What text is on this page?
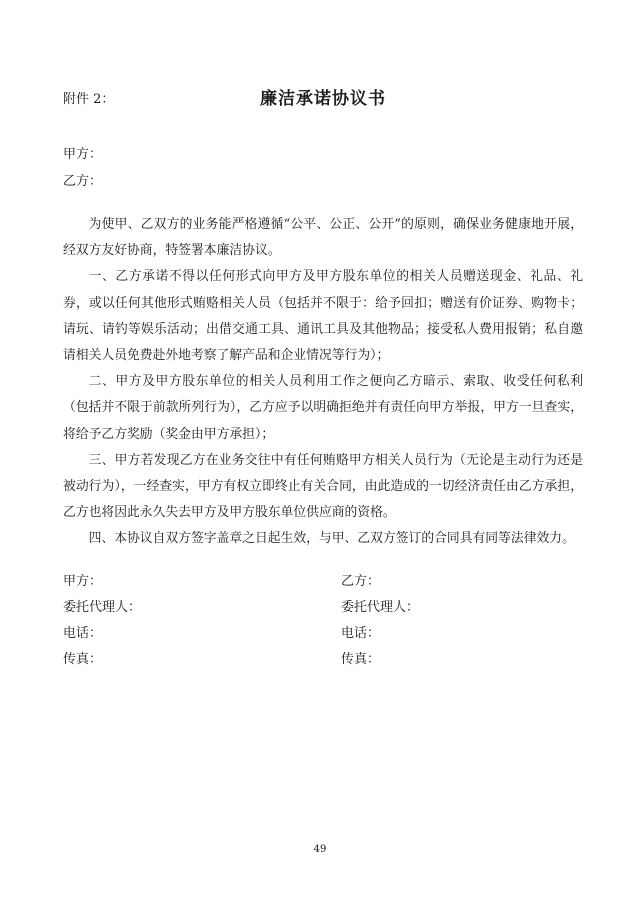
附件 2：	廉洁承诺协议书
甲方：
乙方：

为使甲、乙双方的业务能严格遵循“公平、公正、公开”的原则，确保业务健康地开展，经双方友好协商，特签署本廉洁协议。

一、乙方承诺不得以任何形式向甲方及甲方股东单位的相关人员赠送现金、礼品、礼券，或以任何其他形式贿赂相关人员（包括并不限于：给予回扣；赠送有价证券、购物卡；请玩、请钓等娱乐活动；出借交通工具、通讯工具及其他物品；接受私人费用报销；私自邀请相关人员免费赴外地考察了解产品和企业情况等行为）；

二、甲方及甲方股东单位的相关人员利用工作之便向乙方暗示、索取、收受任何私利（包括并不限于前款所列行为），乙方应予以明确拒绝并有责任向甲方举报，甲方一旦查实，将给予乙方奖励（奖金由甲方承担）；

三、甲方若发现乙方在业务交往中有任何贿赂甲方相关人员行为（无论是主动行为还是被动行为），一经查实，甲方有权立即终止有关合同，由此造成的一切经济责任由乙方承担，乙方也将因此永久失去甲方及甲方股东单位供应商的资格。

四、本协议自双方签字盖章之日起生效，与甲、乙双方签订的合同具有同等法律效力。

甲方：
委托代理人：
电话：
传真：
乙方：
委托代理人：
电话：
传真：
49
